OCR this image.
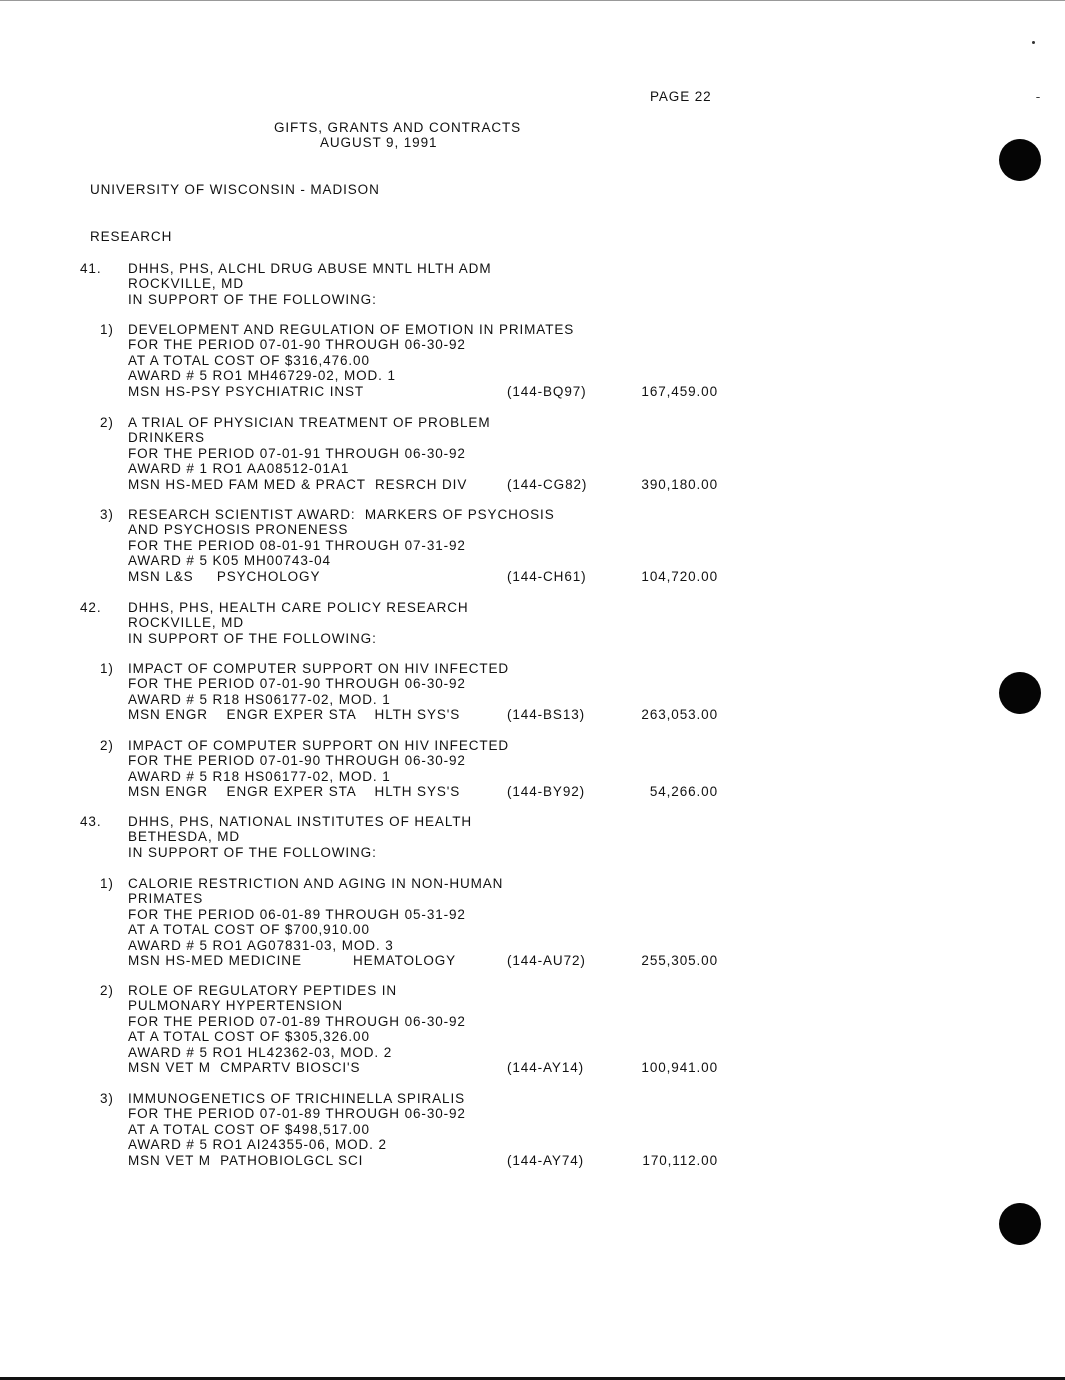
PAGE 22
GIFTS, GRANTS AND CONTRACTS
AUGUST 9, 1991
UNIVERSITY OF WISCONSIN - MADISON
RESEARCH
41. DHHS, PHS, ALCHL DRUG ABUSE MNTL HLTH ADM
ROCKVILLE, MD
IN SUPPORT OF THE FOLLOWING:
1) DEVELOPMENT AND REGULATION OF EMOTION IN PRIMATES
FOR THE PERIOD 07-01-90 THROUGH 06-30-92
AT A TOTAL COST OF $316,476.00
AWARD # 5 RO1 MH46729-02, MOD. 1
MSN HS-PSY PSYCHIATRIC INST	(144-BQ97)	167,459.00
2) A TRIAL OF PHYSICIAN TREATMENT OF PROBLEM
DRINKERS
FOR THE PERIOD 07-01-91 THROUGH 06-30-92
AWARD # 1 RO1 AA08512-01A1
MSN HS-MED FAM MED & PRACT  RESRCH DIV	(144-CG82)	390,180.00
3) RESEARCH SCIENTIST AWARD:  MARKERS OF PSYCHOSIS
AND PSYCHOSIS PRONENESS
FOR THE PERIOD 08-01-91 THROUGH 07-31-92
AWARD # 5 K05 MH00743-04
MSN L&S     PSYCHOLOGY	(144-CH61)	104,720.00
42. DHHS, PHS, HEALTH CARE POLICY RESEARCH
ROCKVILLE, MD
IN SUPPORT OF THE FOLLOWING:
1) IMPACT OF COMPUTER SUPPORT ON HIV INFECTED
FOR THE PERIOD 07-01-90 THROUGH 06-30-92
AWARD # 5 R18 HS06177-02, MOD. 1
MSN ENGR    ENGR EXPER STA    HLTH SYS'S	(144-BS13)	263,053.00
2) IMPACT OF COMPUTER SUPPORT ON HIV INFECTED
FOR THE PERIOD 07-01-90 THROUGH 06-30-92
AWARD # 5 R18 HS06177-02, MOD. 1
MSN ENGR    ENGR EXPER STA    HLTH SYS'S	(144-BY92)	54,266.00
43. DHHS, PHS, NATIONAL INSTITUTES OF HEALTH
BETHESDA, MD
IN SUPPORT OF THE FOLLOWING:
1) CALORIE RESTRICTION AND AGING IN NON-HUMAN
PRIMATES
FOR THE PERIOD 06-01-89 THROUGH 05-31-92
AT A TOTAL COST OF $700,910.00
AWARD # 5 RO1 AG07831-03, MOD. 3
MSN HS-MED MEDICINE           HEMATOLOGY	(144-AU72)	255,305.00
2) ROLE OF REGULATORY PEPTIDES IN
PULMONARY HYPERTENSION
FOR THE PERIOD 07-01-89 THROUGH 06-30-92
AT A TOTAL COST OF $305,326.00
AWARD # 5 RO1 HL42362-03, MOD. 2
MSN VET M  CMPARTV BIOSCI'S	(144-AY14)	100,941.00
3) IMMUNOGENETICS OF TRICHINELLA SPIRALIS
FOR THE PERIOD 07-01-89 THROUGH 06-30-92
AT A TOTAL COST OF $498,517.00
AWARD # 5 RO1 AI24355-06, MOD. 2
MSN VET M  PATHOBIOLGCL SCI	(144-AY74)	170,112.00
